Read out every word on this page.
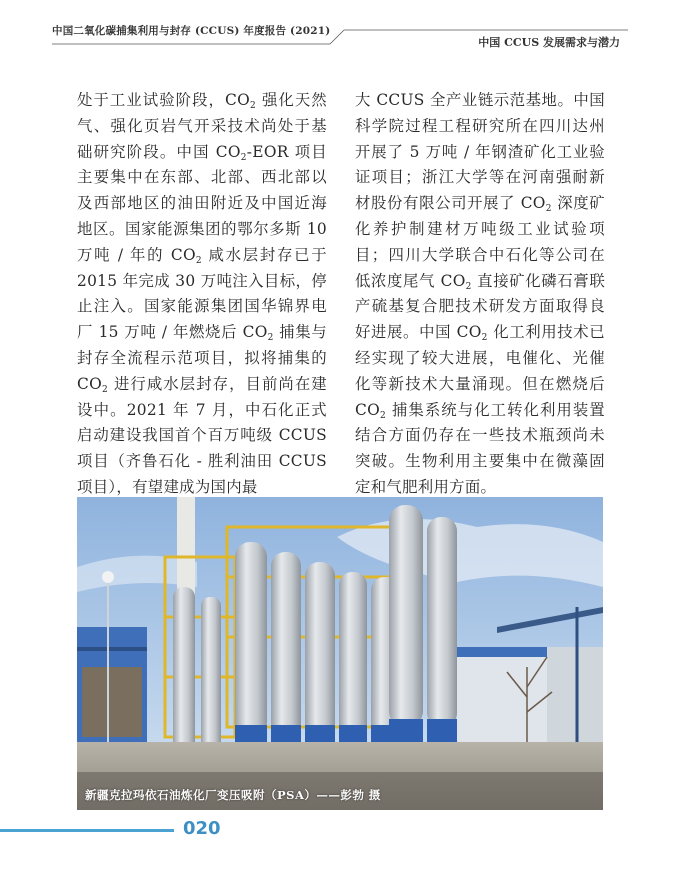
中国二氧化碳捕集利用与封存 (CCUS) 年度报告 (2021)
中国 CCUS 发展需求与潜力

处于工业试验阶段，$CO_2$ 强化天然气、强化页岩气开采技术尚处于基础研究阶段。中国 $CO_2$-EOR 项目主要集中在东部、北部、西北部以及西部地区的油田附近及中国近海地区。国家能源集团的鄂尔多斯 10 万吨 / 年的 $CO_2$ 咸水层封存已于 2015 年完成 30 万吨注入目标，停止注入。国家能源集团国华锦界电厂 15 万吨 / 年燃烧后 $CO_2$ 捕集与封存全流程示范项目，拟将捕集的 $CO_2$ 进行咸水层封存，目前尚在建设中。2021 年 7 月，中石化正式启动建设我国首个百万吨级 CCUS 项目（齐鲁石化 - 胜利油田 CCUS 项目），有望建成为国内最

大 CCUS 全产业链示范基地。中国科学院过程工程研究所在四川达州开展了 5 万吨 / 年钢渣矿化工业验证项目；浙江大学等在河南强耐新材股份有限公司开展了 $CO_2$ 深度矿化养护制建材万吨级工业试验项目；四川大学联合中石化等公司在低浓度尾气 $CO_2$ 直接矿化磷石膏联产硫基复合肥技术研发方面取得良好进展。中国 $CO_2$ 化工利用技术已经实现了较大进展，电催化、光催化等新技术大量涌现。但在燃烧后 $CO_2$ 捕集系统与化工转化利用装置结合方面仍存在一些技术瓶颈尚未突破。生物利用主要集中在微藻固定和气肥利用方面。

新疆克拉玛依石油炼化厂变压吸附（PSA）——彭勃 摄
020
